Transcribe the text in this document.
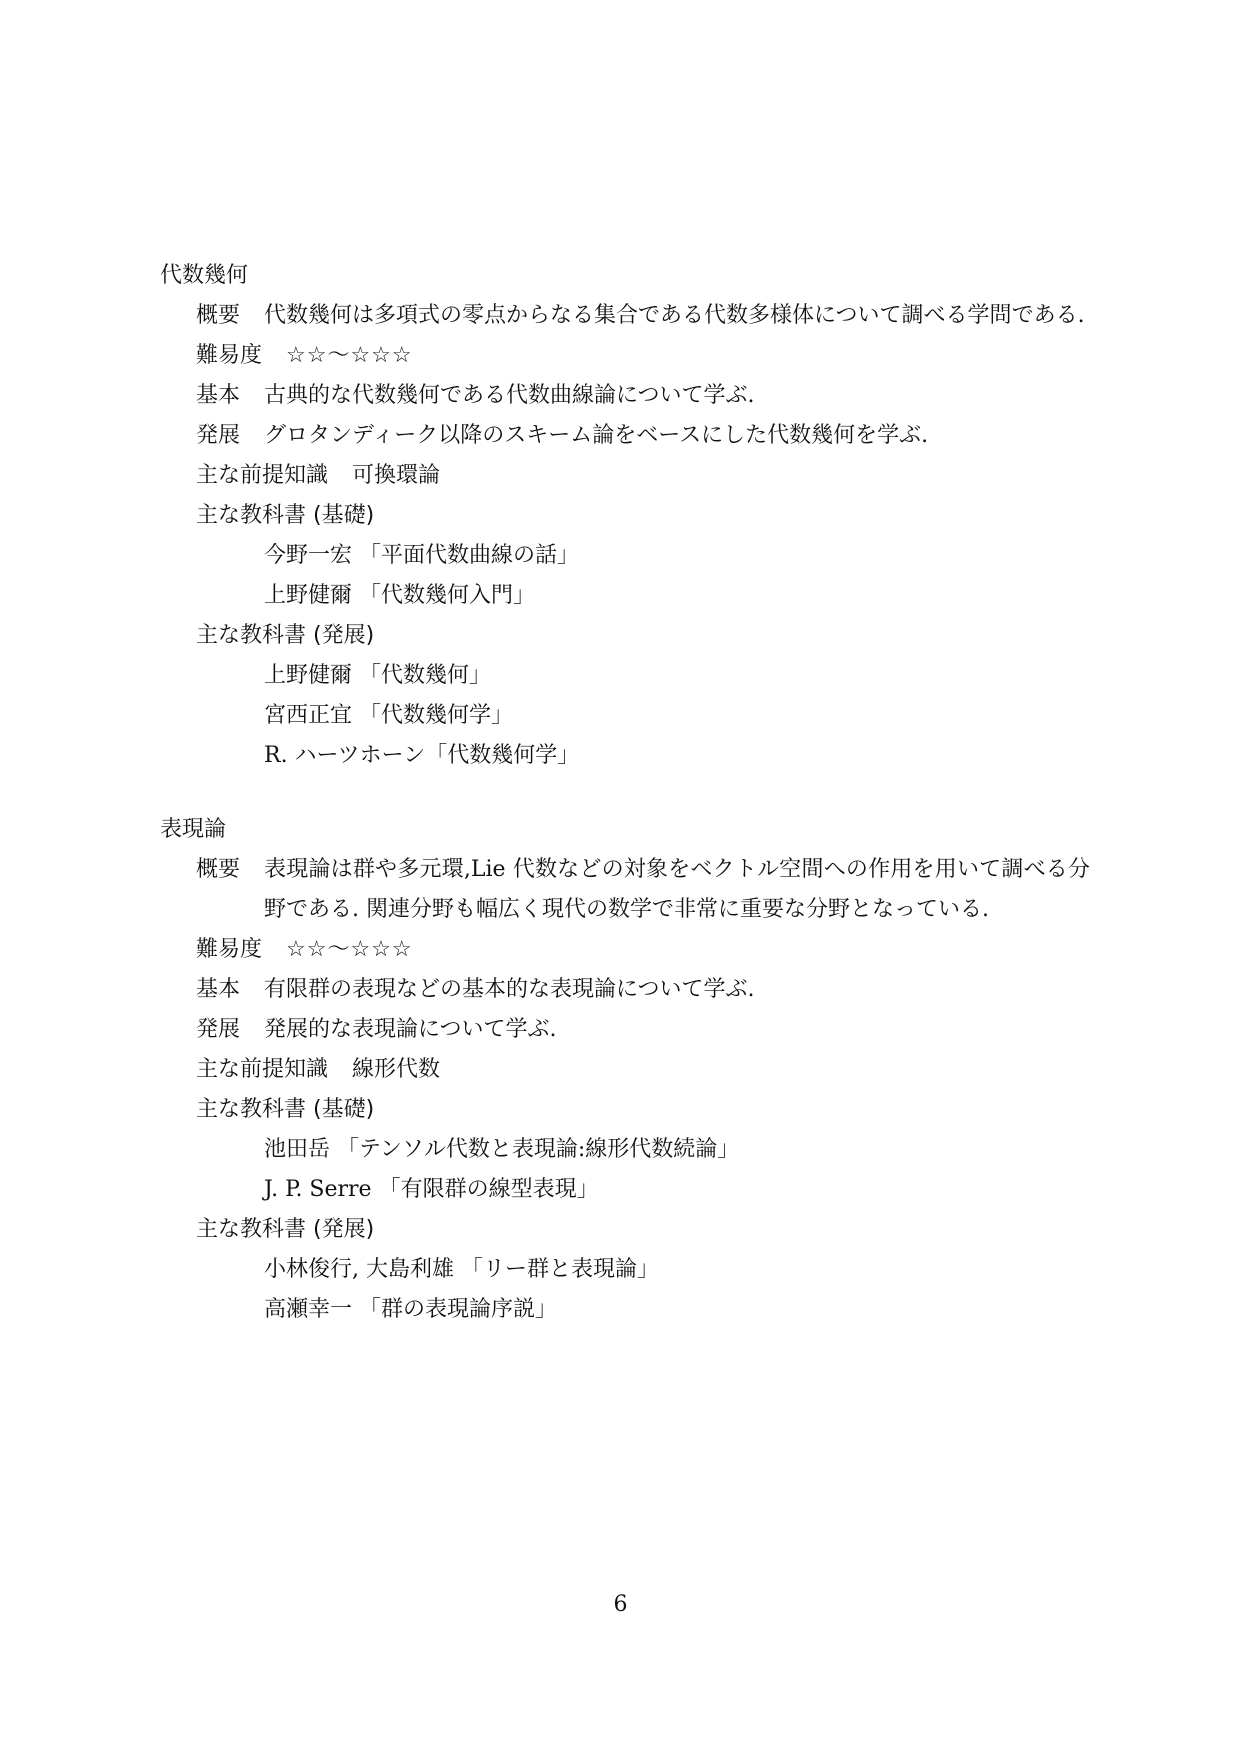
代数幾何
概要	代数幾何は多項式の零点からなる集合である代数多様体について調べる学問である.
難易度 ☆☆〜☆☆☆
基本	古典的な代数幾何である代数曲線論について学ぶ.
発展	グロタンディーク以降のスキーム論をベースにした代数幾何を学ぶ.
主な前提知識 可換環論
主な教科書 (基礎)
今野一宏 「平面代数曲線の話」
上野健爾 「代数幾何入門」
主な教科書 (発展)
上野健爾 「代数幾何」
宮西正宜 「代数幾何学」
R. ハーツホーン「代数幾何学」
表現論
概要	表現論は群や多元環,Lie 代数などの対象をベクトル空間への作用を用いて調べる分野である. 関連分野も幅広く現代の数学で非常に重要な分野となっている.
難易度 ☆☆〜☆☆☆
基本	有限群の表現などの基本的な表現論について学ぶ.
発展	発展的な表現論について学ぶ.
主な前提知識 線形代数
主な教科書 (基礎)
池田岳 「テンソル代数と表現論:線形代数続論」
J. P. Serre 「有限群の線型表現」
主な教科書 (発展)
小林俊行, 大島利雄 「リー群と表現論」
高瀬幸一 「群の表現論序説」
6
